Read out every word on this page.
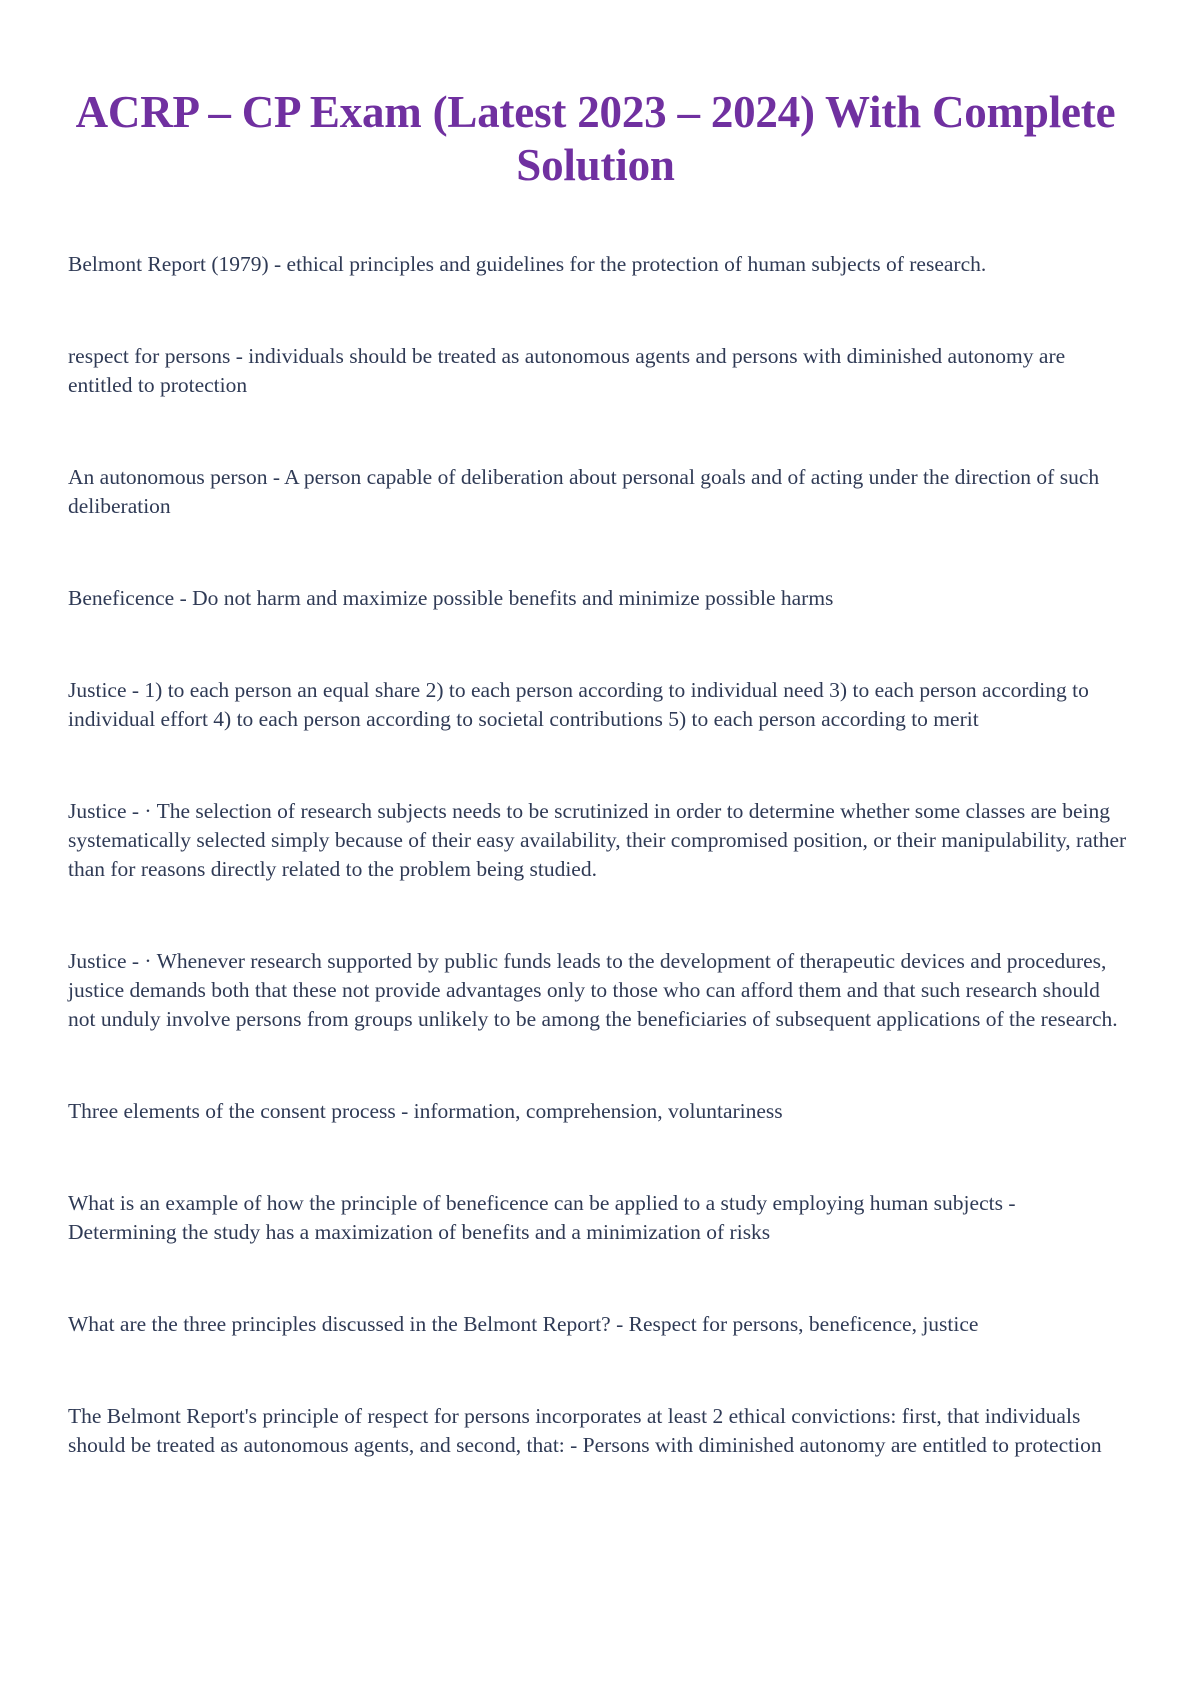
ACRP – CP Exam (Latest 2023 – 2024) With Complete Solution

Belmont Report (1979) - ethical principles and guidelines for the protection of human subjects of research.

respect for persons - individuals should be treated as autonomous agents and persons with diminished autonomy are entitled to protection

An autonomous person - A person capable of deliberation about personal goals and of acting under the direction of such deliberation

Beneficence - Do not harm and maximize possible benefits and minimize possible harms

Justice - 1) to each person an equal share 2) to each person according to individual need 3) to each person according to individual effort 4) to each person according to societal contributions 5) to each person according to merit

Justice - · The selection of research subjects needs to be scrutinized in order to determine whether some classes are being systematically selected simply because of their easy availability, their compromised position, or their manipulability, rather than for reasons directly related to the problem being studied.

Justice - · Whenever research supported by public funds leads to the development of therapeutic devices and procedures, justice demands both that these not provide advantages only to those who can afford them and that such research should not unduly involve persons from groups unlikely to be among the beneficiaries of subsequent applications of the research.

Three elements of the consent process - information, comprehension, voluntariness

What is an example of how the principle of beneficence can be applied to a study employing human subjects - Determining the study has a maximization of benefits and a minimization of risks

What are the three principles discussed in the Belmont Report? - Respect for persons, beneficence, justice

The Belmont Report's principle of respect for persons incorporates at least 2 ethical convictions: first, that individuals should be treated as autonomous agents, and second, that: - Persons with diminished autonomy are entitled to protection
